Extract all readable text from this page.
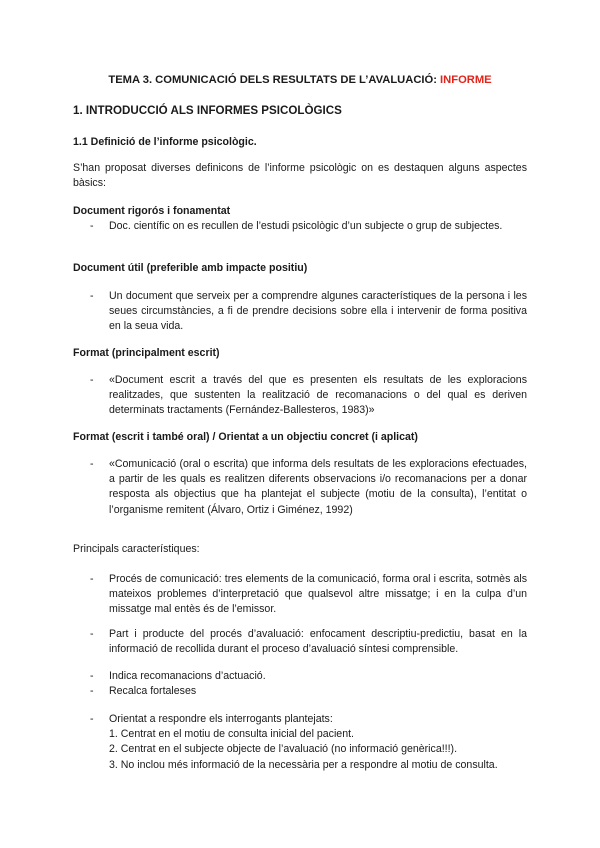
TEMA 3. COMUNICACIÓ DELS RESULTATS DE L’AVALUACIÓ: INFORME
1. INTRODUCCIÓ ALS INFORMES PSICOLÒGICS
1.1 Definició de l’informe psicològic.
S’han proposat diverses definicons de l’informe psicològic on es destaquen alguns aspectes bàsics:
Document rigorós i fonamentat
- Doc. científic on es recullen de l’estudi psicològic d’un subjecte o grup de subjectes.
Document útil (preferible amb impacte positiu)
- Un document que serveix per a comprendre algunes característiques de la persona i les seues circumstàncies, a fi de prendre decisions sobre ella i intervenir de forma positiva en la seua vida.
Format (principalment escrit)
- «Document escrit a través del que es presenten els resultats de les exploracions realitzades, que sustenten la realització de recomanacions o del qual es deriven determinats tractaments (Fernández-Ballesteros, 1983)»
Format (escrit i també oral) / Orientat a un objectiu concret (i aplicat)
- «Comunicació (oral o escrita) que informa dels resultats de les exploracions efectuades, a partir de les quals es realitzen diferents observacions i/o recomanacions per a donar resposta als objectius que ha plantejat el subjecte (motiu de la consulta), l’entitat o l’organisme remitent (Álvaro, Ortiz i Giménez, 1992)
Principals característiques:
- Procés de comunicació: tres elements de la comunicació, forma oral i escrita, sotmès als mateixos problemes d’interpretació que qualsevol altre missatge; i en la culpa d’un missatge mal entès és de l’emissor.
- Part i producte del procés d’avaluació: enfocament descriptiu-predictiu, basat en la informació de recollida durant el proceso d’avaluació síntesi comprensible.
- Indica recomanacions d’actuació.
- Recalca fortaleses
- Orientat a respondre els interrogants plantejats:
1. Centrat en el motiu de consulta inicial del pacient.
2. Centrat en el subjecte objecte de l’avaluació (no informació genèrica!!!).
3. No inclou més informació de la necessària per a respondre al motiu de consulta.
